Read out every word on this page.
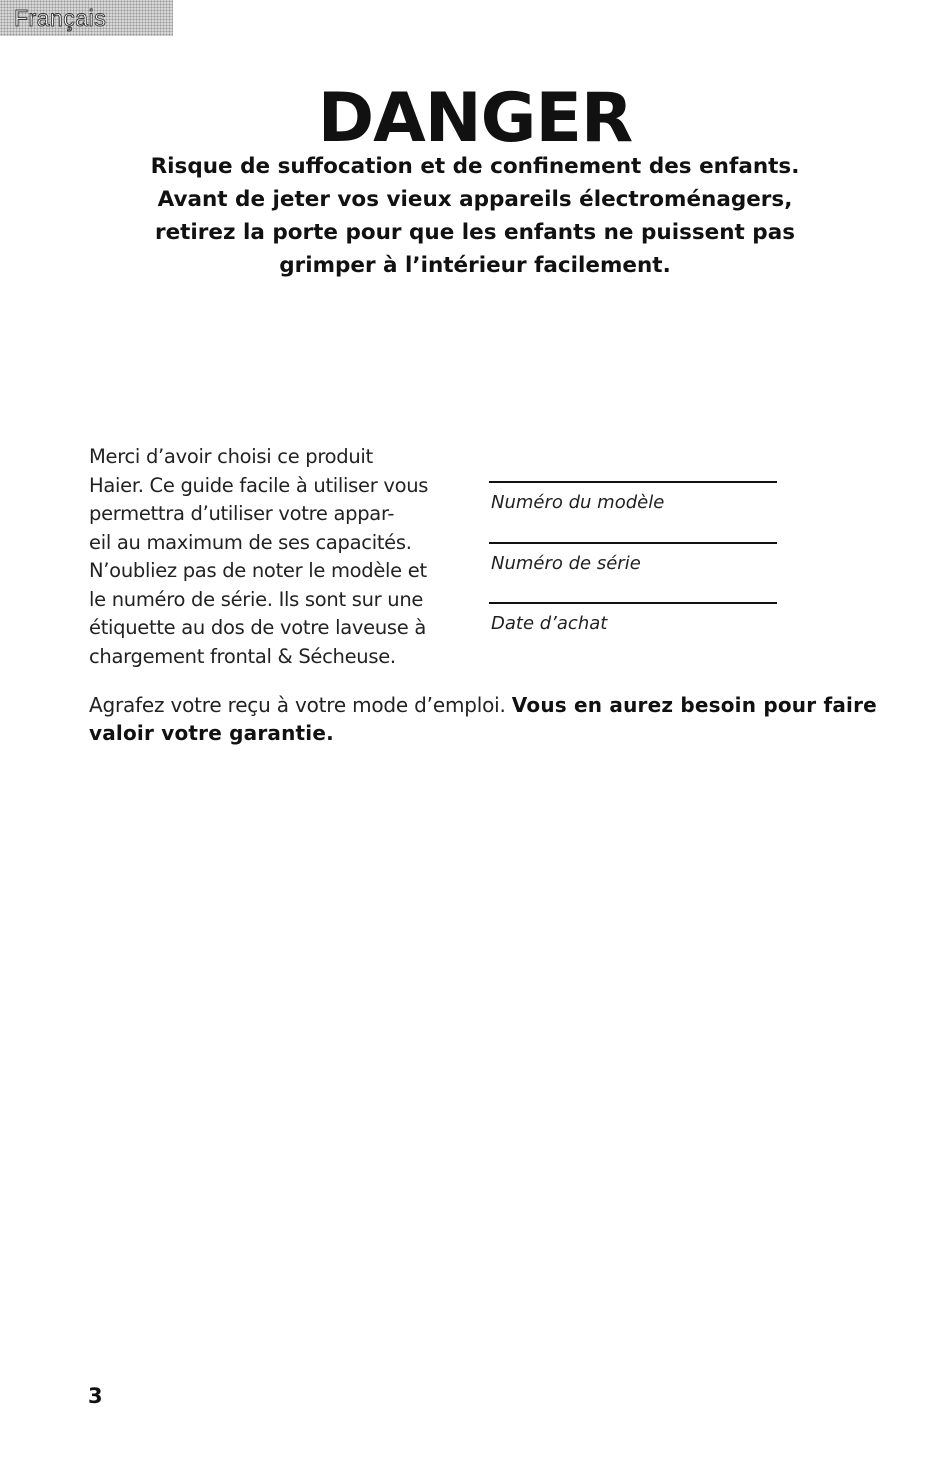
Français
DANGER

Risque de suffocation et de confinement des enfants.
Avant de jeter vos vieux appareils électroménagers,
retirez la porte pour que les enfants ne puissent pas
grimper à l’intérieur facilement.

Merci d’avoir choisi ce produit
Haier. Ce guide facile à utiliser vous
permettra d’utiliser votre appar-
eil au maximum de ses capacités.
N’oubliez pas de noter le modèle et
le numéro de série. Ils sont sur une
étiquette au dos de votre laveuse à
chargement frontal & Sécheuse.

Numéro du modèle
Numéro de série
Date d’achat

Agrafez votre reçu à votre mode d’emploi. Vous en aurez besoin pour faire valoir votre garantie.

3
